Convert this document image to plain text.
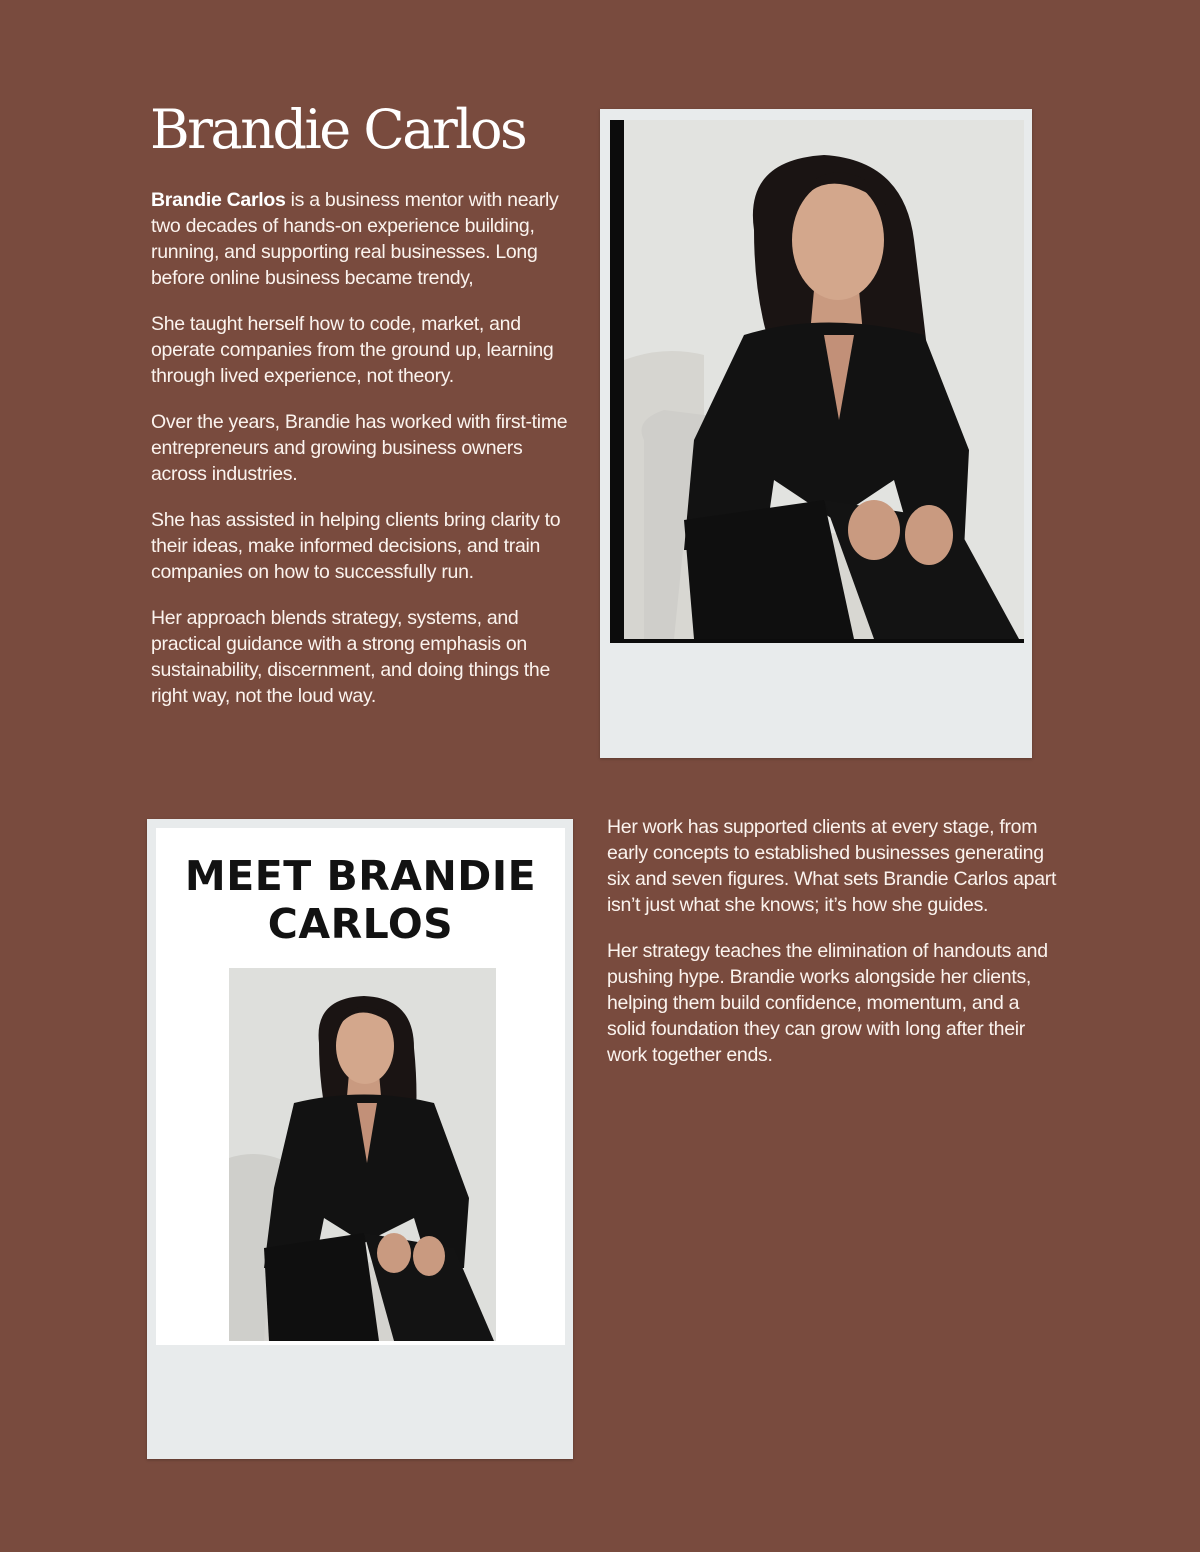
Brandie Carlos

Brandie Carlos is a business mentor with nearly two decades of hands-on experience building, running, and supporting real businesses. Long before online business became trendy,

She taught herself how to code, market, and operate companies from the ground up, learning through lived experience, not theory.

Over the years, Brandie has worked with first-time entrepreneurs and growing business owners across industries.

She has assisted in helping clients bring clarity to their ideas, make informed decisions, and train companies on how to successfully run.

Her approach blends strategy, systems, and practical guidance with a strong emphasis on sustainability, discernment, and doing things the right way, not the loud way.

MEET BRANDIE
CARLOS

Her work has supported clients at every stage, from early concepts to established businesses generating six and seven figures. What sets Brandie Carlos apart isn’t just what she knows; it’s how she guides.

Her strategy teaches the elimination of handouts and pushing hype. Brandie works alongside her clients, helping them build confidence, momentum, and a solid foundation they can grow with long after their work together ends.
